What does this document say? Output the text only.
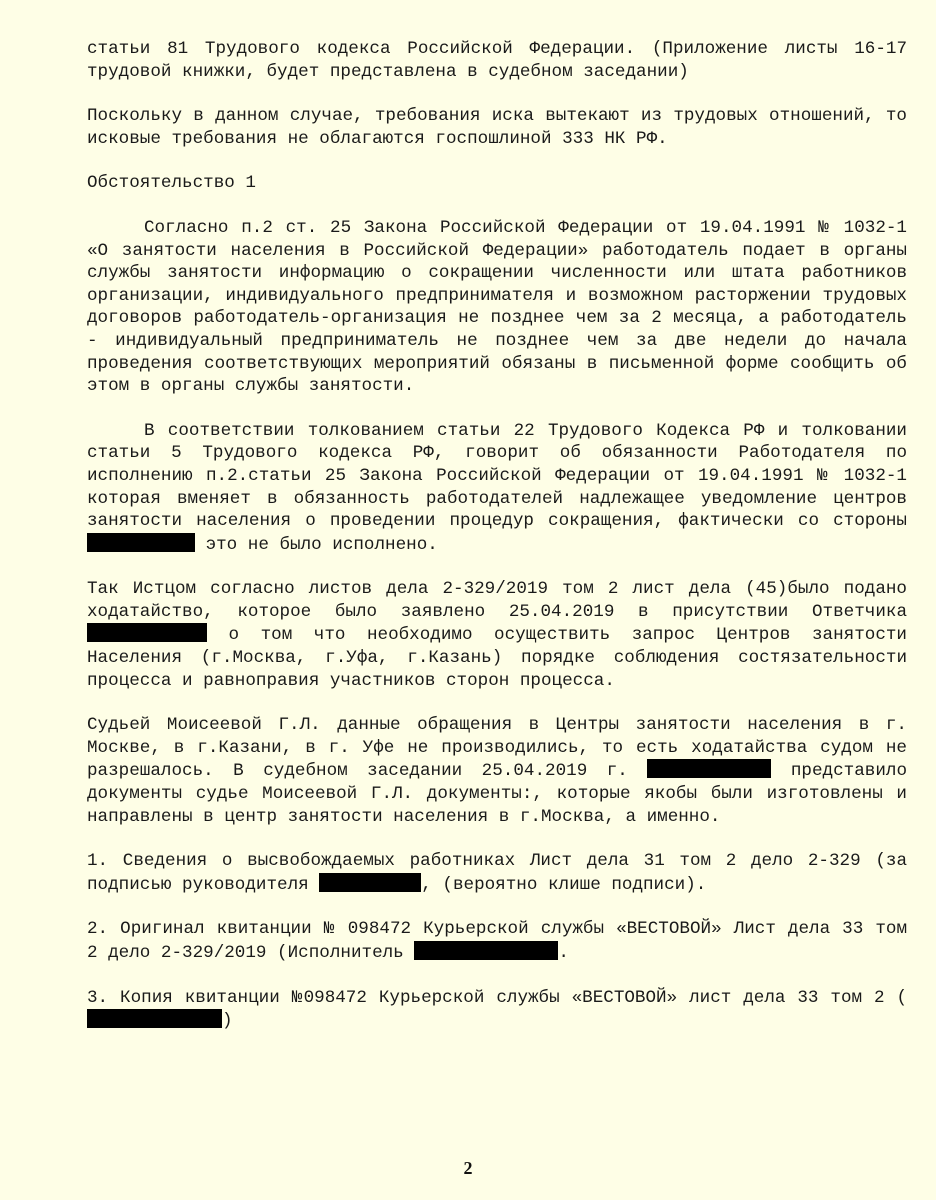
статьи 81 Трудового кодекса Российской Федерации. (Приложение листы 16-17 трудовой книжки, будет представлена в судебном заседании)

Поскольку в данном случае, требования иска вытекают из трудовых отношений, то исковые требования не облагаются госпошлиной 333 НК РФ.

Обстоятельство 1

Согласно п.2 ст. 25 Закона Российской Федерации от 19.04.1991 № 1032-1 «О занятости населения в Российской Федерации» работодатель подает в органы службы занятости информацию о сокращении численности или штата работников организации, индивидуального предпринимателя и возможном расторжении трудовых договоров работодатель-организация не позднее чем за 2 месяца, а работодатель - индивидуальный предприниматель не позднее чем за две недели до начала проведения соответствующих мероприятий обязаны в письменной форме сообщить об этом в органы службы занятости.

В соответствии толкованием статьи 22 Трудового Кодекса РФ и толковании статьи 5 Трудового кодекса РФ, говорит об обязанности Работодателя по исполнению п.2.статьи 25 Закона Российской Федерации от 19.04.1991 № 1032-1 которая вменяет в обязанность работодателей надлежащее уведомление центров занятости населения о проведении процедур сокращения, фактически со стороны  это не было исполнено.

Так Истцом согласно листов дела 2-329/2019 том 2 лист дела (45)было подано ходатайство, которое было заявлено 25.04.2019 в присутствии Ответчика  о том что необходимо осуществить запрос Центров занятости Населения (г.Москва, г.Уфа, г.Казань) порядке соблюдения состязательности процесса и равноправия участников сторон процесса.

Судьей Моисеевой Г.Л. данные обращения в Центры занятости населения в г. Москве, в г.Казани, в г. Уфе не производились, то есть ходатайства судом не разрешалось. В судебном заседании 25.04.2019 г.	представило документы судье Моисеевой Г.Л. документы:, которые якобы были изготовлены и направлены в центр занятости населения в г.Москва, а именно.

1. Сведения о высвобождаемых работниках Лист дела 31 том 2 дело 2-329 (за подписью руководителя	, (вероятно клише подписи).

2. Оригинал квитанции № 098472 Курьерской службы «ВЕСТОВОЙ» Лист дела 33 том 2 дело 2-329/2019 (Исполнитель	.

3. Копия квитанции №098472 Курьерской службы «ВЕСТОВОЙ» лист дела 33 том 2 ()

2
